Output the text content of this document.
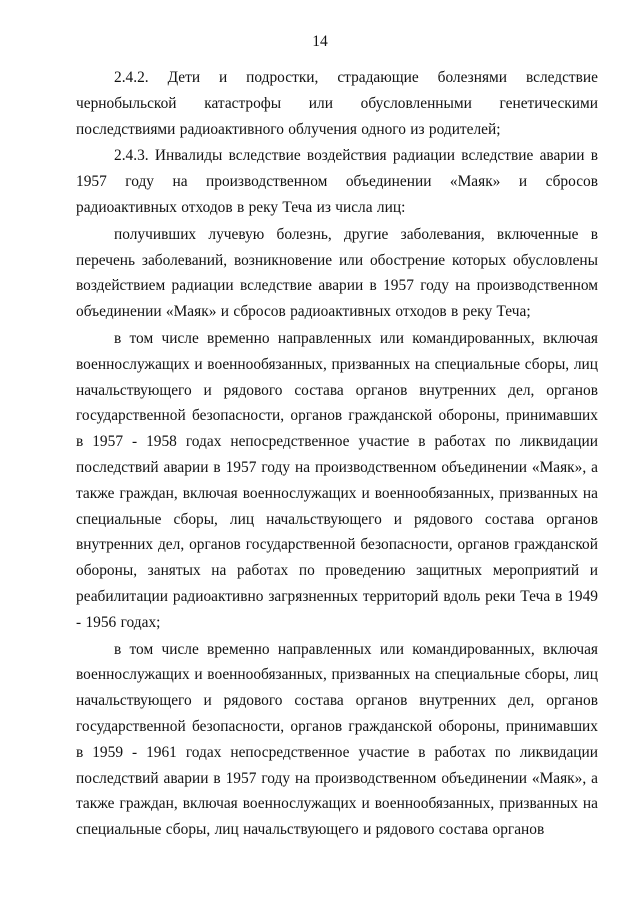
14

2.4.2. Дети и подростки, страдающие болезнями вследствие чернобыльской катастрофы или обусловленными генетическими последствиями радиоактивного облучения одного из родителей;

2.4.3. Инвалиды вследствие воздействия радиации вследствие аварии в 1957 году на производственном объединении «Маяк» и сбросов радиоактивных отходов в реку Теча из числа лиц:

получивших лучевую болезнь, другие заболевания, включенные в перечень заболеваний, возникновение или обострение которых обусловлены воздействием радиации вследствие аварии в 1957 году на производственном объединении «Маяк» и сбросов радиоактивных отходов в реку Теча;

в том числе временно направленных или командированных, включая военнослужащих и военнообязанных, призванных на специальные сборы, лиц начальствующего и рядового состава органов внутренних дел, органов государственной безопасности, органов гражданской обороны, принимавших в 1957 - 1958 годах непосредственное участие в работах по ликвидации последствий аварии в 1957 году на производственном объединении «Маяк», а также граждан, включая военнослужащих и военнообязанных, призванных на специальные сборы, лиц начальствующего и рядового состава органов внутренних дел, органов государственной безопасности, органов гражданской обороны, занятых на работах по проведению защитных мероприятий и реабилитации радиоактивно загрязненных территорий вдоль реки Теча в 1949 - 1956 годах;

в том числе временно направленных или командированных, включая военнослужащих и военнообязанных, призванных на специальные сборы, лиц начальствующего и рядового состава органов внутренних дел, органов государственной безопасности, органов гражданской обороны, принимавших в 1959 - 1961 годах непосредственное участие в работах по ликвидации последствий аварии в 1957 году на производственном объединении «Маяк», а также граждан, включая военнослужащих и военнообязанных, призванных на специальные сборы, лиц начальствующего и рядового состава органов
